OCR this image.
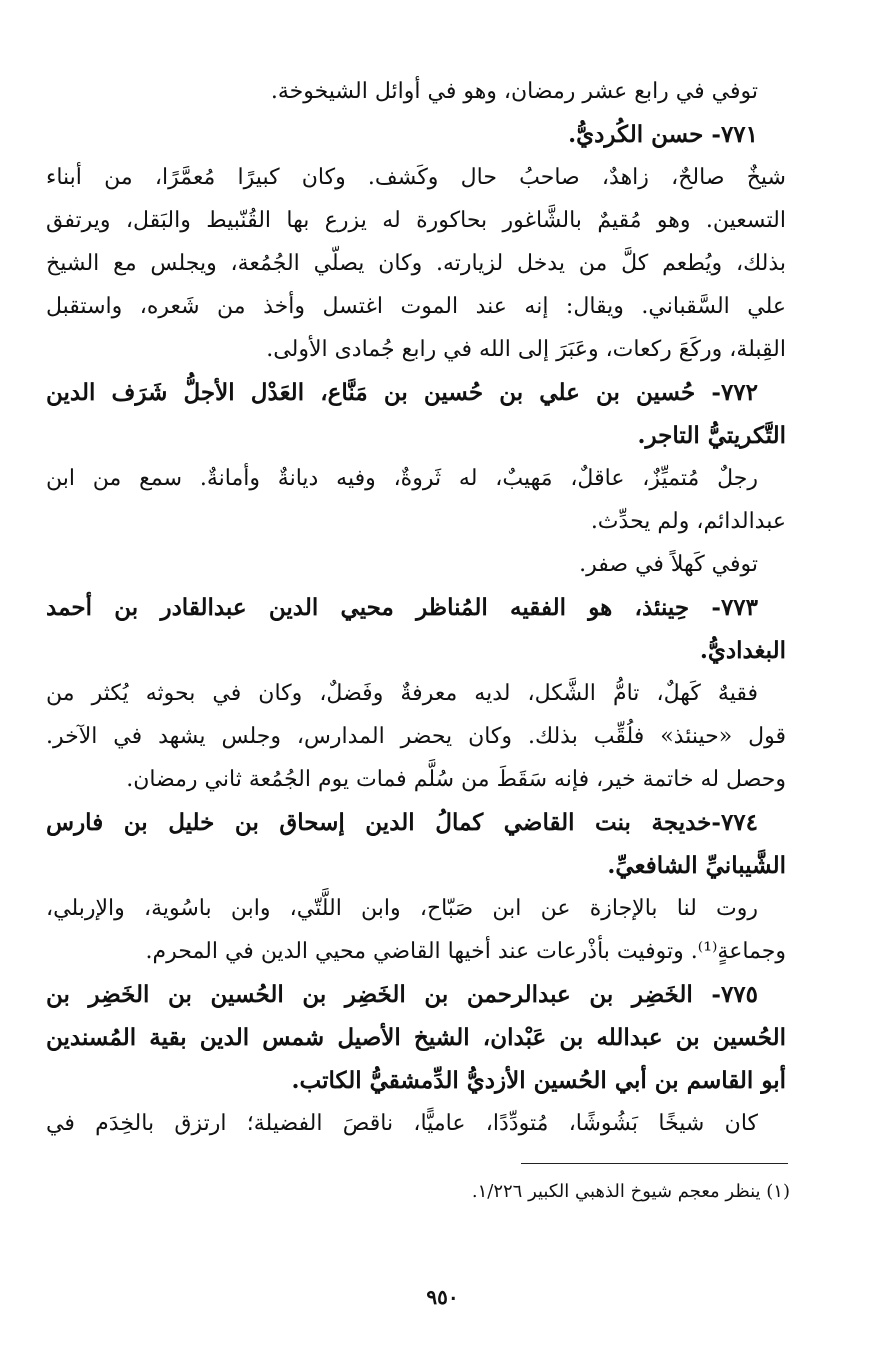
توفي في رابع عشر رمضان، وهو في أوائل الشيخوخة.
٧٧١- حسن الكُرديُّ.
شيخٌ صالحٌ، زاهدٌ، صاحبُ حال وكَشف. وكان كبيرًا مُعمَّرًا، من أبناء
التسعين. وهو مُقيمٌ بالشَّاغور بحاكورة له يزرع بها القُنّبيط والبَقل، ويرتفق
بذلك، ويُطعم كلَّ من يدخل لزيارته. وكان يصلّي الجُمُعة، ويجلس مع الشيخ
علي السَّقباني. ويقال: إنه عند الموت اغتسل وأخذ من شَعره، واستقبل
القِبلة، وركَعَ ركعات، وعَبَرَ إلى الله في رابع جُمادى الأولى.
٧٧٢- حُسين بن علي بن حُسين بن مَنَّاع، العَدْل الأجلُّ شَرَف الدين
التَّكريتيُّ التاجر.
رجلٌ مُتميِّزٌ، عاقلٌ، مَهيبٌ، له ثَروةٌ، وفيه ديانةٌ وأمانةٌ. سمع من ابن
عبدالدائم، ولم يحدِّث.
توفي كَهلاً في صفر.
٧٧٣- حِينئذ، هو الفقيه المُناظر محيي الدين عبدالقادر بن أحمد
البغداديُّ.
فقيهٌ كَهلٌ، تامُّ الشَّكل، لديه معرفةٌ وفَضلٌ، وكان في بحوثه يُكثر من
قول «حينئذ» فلُقِّب بذلك. وكان يحضر المدارس، وجلس يشهد في الآخر.
وحصل له خاتمة خير، فإنه سَقَطَ من سُلَّم فمات يوم الجُمُعة ثاني رمضان.
٧٧٤-خديجة بنت القاضي كمالُ الدين إسحاق بن خليل بن فارس
الشَّيبانيِّ الشافعيِّ.
روت لنا بالإجازة عن ابن صَبّاح، وابن اللَّتّي، وابن باسُوية، والإربلي،
وجماعةٍ⁽¹⁾. وتوفيت بأذْرعات عند أخيها القاضي محيي الدين في المحرم.
٧٧٥- الخَضِر بن عبدالرحمن بن الخَضِر بن الحُسين بن الخَضِر بن
الحُسين بن عبدالله بن عَبْدان، الشيخ الأصيل شمس الدين بقية المُسندين
أبو القاسم بن أبي الحُسين الأزديُّ الدِّمشقيُّ الكاتب.
كان شيخًا بَشُوشًا، مُتودِّدًا، عاميًّا، ناقصَ الفضيلة؛ ارتزق بالخِدَم في
(١) ينظر معجم شيوخ الذهبي الكبير ١/٢٢٦.
٩٥٠
